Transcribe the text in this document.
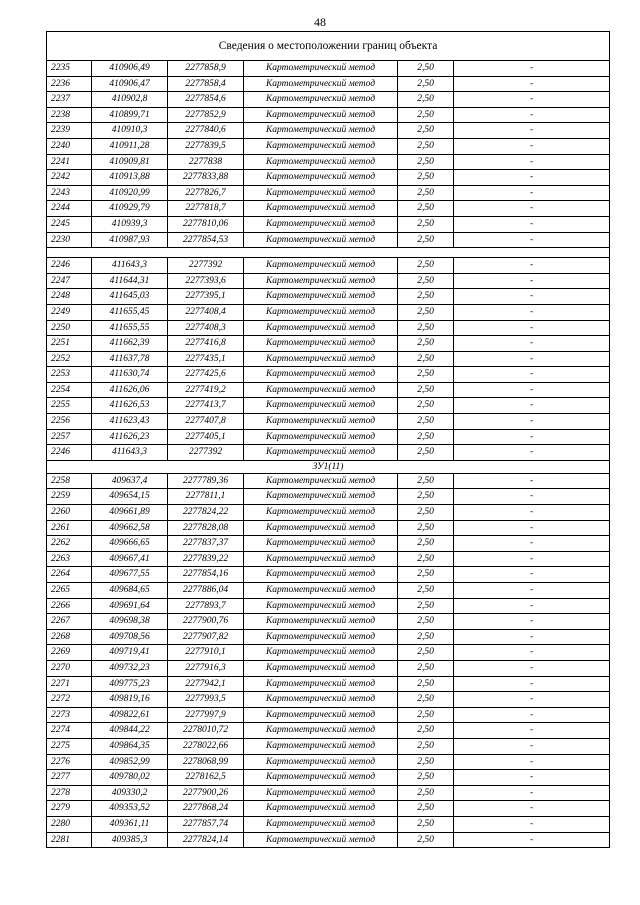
48
Сведения о местоположении границ объекта					
2235	410906,49	2277858,9	Картометрический метод	2,50	-
2236	410906,47	2277858,4	Картометрический метод	2,50	-
2237	410902,8	2277854,6	Картометрический метод	2,50	-
2238	410899,71	2277852,9	Картометрический метод	2,50	-
2239	410910,3	2277840,6	Картометрический метод	2,50	-
2240	410911,28	2277839,5	Картометрический метод	2,50	-
2241	410909,81	2277838	Картометрический метод	2,50	-
2242	410913,88	2277833,88	Картометрический метод	2,50	-
2243	410920,99	2277826,7	Картометрический метод	2,50	-
2244	410929,79	2277818,7	Картометрический метод	2,50	-
2245	410939,3	2277810,06	Картометрический метод	2,50	-
2230	410987,93	2277854,53	Картометрический метод	2,50	-

2246	411643,3	2277392	Картометрический метод	2,50	-
2247	411644,31	2277393,6	Картометрический метод	2,50	-
2248	411645,03	2277395,1	Картометрический метод	2,50	-
2249	411655,45	2277408,4	Картометрический метод	2,50	-
2250	411655,55	2277408,3	Картометрический метод	2,50	-
2251	411662,39	2277416,8	Картометрический метод	2,50	-
2252	411637,78	2277435,1	Картометрический метод	2,50	-
2253	411630,74	2277425,6	Картометрический метод	2,50	-
2254	411626,06	2277419,2	Картометрический метод	2,50	-
2255	411626,53	2277413,7	Картометрический метод	2,50	-
2256	411623,43	2277407,8	Картометрический метод	2,50	-
2257	411626,23	2277405,1	Картометрический метод	2,50	-
2246	411643,3	2277392	Картометрический метод	2,50	-
ЗУ1(11)					
2258	409637,4	2277789,36	Картометрический метод	2,50	-
2259	409654,15	2277811,1	Картометрический метод	2,50	-
2260	409661,89	2277824,22	Картометрический метод	2,50	-
2261	409662,58	2277828,08	Картометрический метод	2,50	-
2262	409666,65	2277837,37	Картометрический метод	2,50	-
2263	409667,41	2277839,22	Картометрический метод	2,50	-
2264	409677,55	2277854,16	Картометрический метод	2,50	-
2265	409684,65	2277886,04	Картометрический метод	2,50	-
2266	409691,64	2277893,7	Картометрический метод	2,50	-
2267	409698,38	2277900,76	Картометрический метод	2,50	-
2268	409708,56	2277907,82	Картометрический метод	2,50	-
2269	409719,41	2277910,1	Картометрический метод	2,50	-
2270	409732,23	2277916,3	Картометрический метод	2,50	-
2271	409775,23	2277942,1	Картометрический метод	2,50	-
2272	409819,16	2277993,5	Картометрический метод	2,50	-
2273	409822,61	2277997,9	Картометрический метод	2,50	-
2274	409844,22	2278010,72	Картометрический метод	2,50	-
2275	409864,35	2278022,66	Картометрический метод	2,50	-
2276	409852,99	2278068,99	Картометрический метод	2,50	-
2277	409780,02	2278162,5	Картометрический метод	2,50	-
2278	409330,2	2277900,26	Картометрический метод	2,50	-
2279	409353,52	2277868,24	Картометрический метод	2,50	-
2280	409361,11	2277857,74	Картометрический метод	2,50	-
2281	409385,3	2277824,14	Картометрический метод	2,50	-
